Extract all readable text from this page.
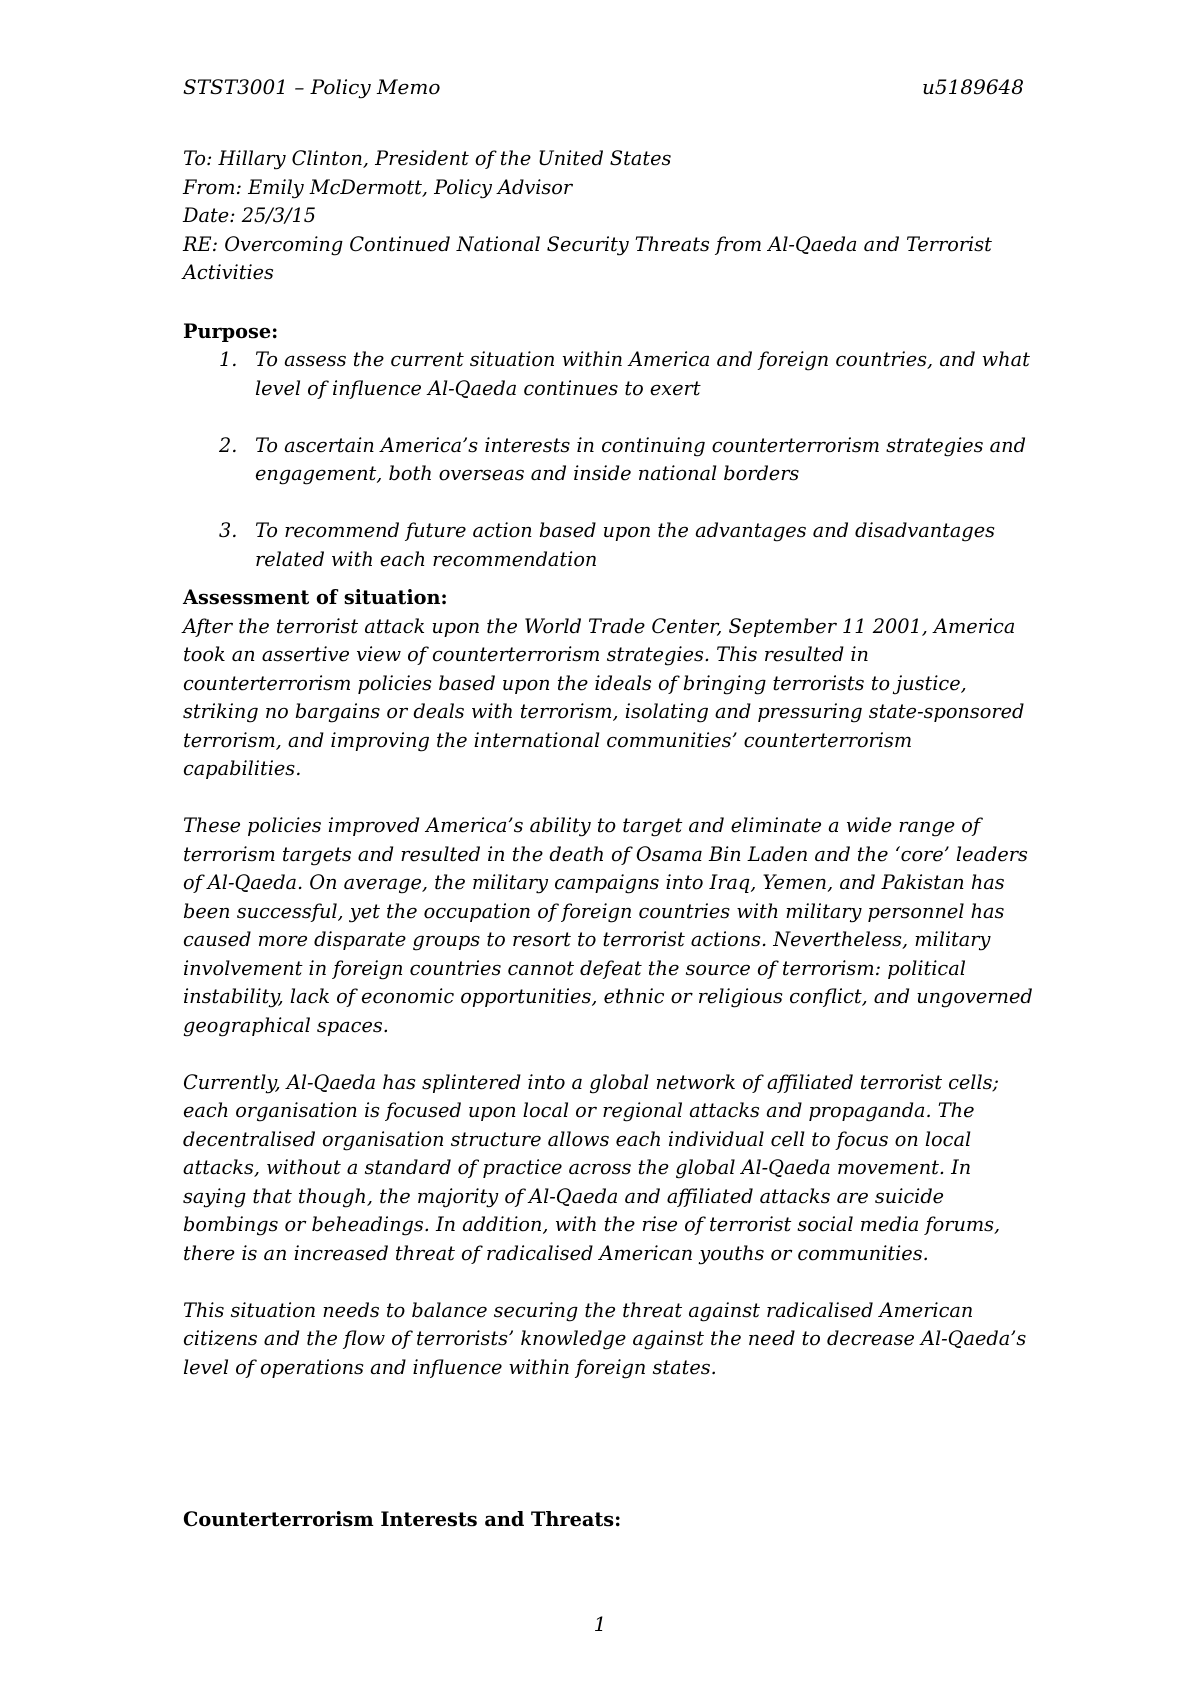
STST3001 – Policy Memo	u5189648
To: Hillary Clinton, President of the United States
From: Emily McDermott, Policy Advisor
Date: 25/3/15
RE: Overcoming Continued National Security Threats from Al-Qaeda and Terrorist Activities
Purpose:
1. To assess the current situation within America and foreign countries, and what level of influence Al-Qaeda continues to exert
2. To ascertain America’s interests in continuing counterterrorism strategies and engagement, both overseas and inside national borders
3. To recommend future action based upon the advantages and disadvantages related with each recommendation
Assessment of situation:

After the terrorist attack upon the World Trade Center, September 11 2001, America took an assertive view of counterterrorism strategies. This resulted in counterterrorism policies based upon the ideals of bringing terrorists to justice, striking no bargains or deals with terrorism, isolating and pressuring state-sponsored terrorism, and improving the international communities’ counterterrorism capabilities.

These policies improved America’s ability to target and eliminate a wide range of terrorism targets and resulted in the death of Osama Bin Laden and the ‘core’ leaders of Al-Qaeda. On average, the military campaigns into Iraq, Yemen, and Pakistan has been successful, yet the occupation of foreign countries with military personnel has caused more disparate groups to resort to terrorist actions. Nevertheless, military involvement in foreign countries cannot defeat the source of terrorism: political instability, lack of economic opportunities, ethnic or religious conflict, and ungoverned geographical spaces.

Currently, Al-Qaeda has splintered into a global network of affiliated terrorist cells; each organisation is focused upon local or regional attacks and propaganda. The decentralised organisation structure allows each individual cell to focus on local attacks, without a standard of practice across the global Al-Qaeda movement. In saying that though, the majority of Al-Qaeda and affiliated attacks are suicide bombings or beheadings. In addition, with the rise of terrorist social media forums, there is an increased threat of radicalised American youths or communities.

This situation needs to balance securing the threat against radicalised American citizens and the flow of terrorists’ knowledge against the need to decrease Al-Qaeda’s level of operations and influence within foreign states.

Counterterrorism Interests and Threats:
1
